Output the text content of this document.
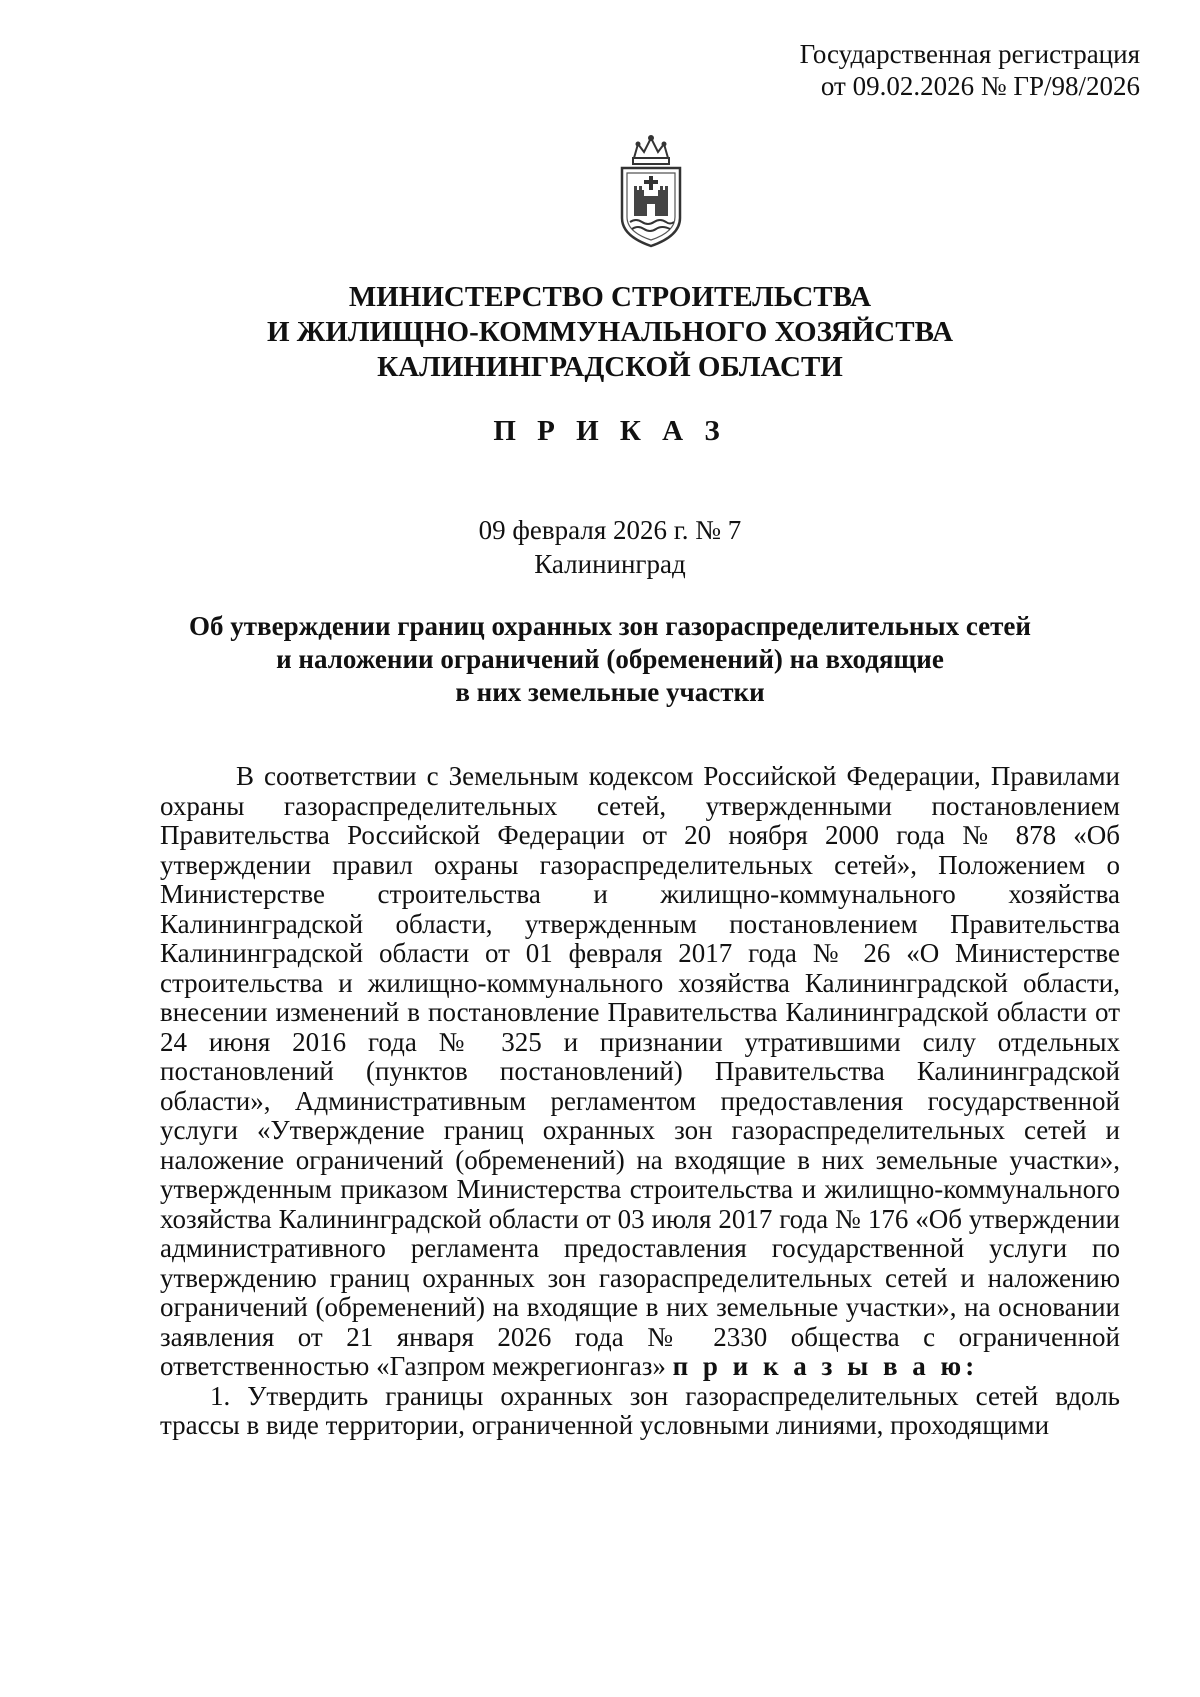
Государственная регистрация
от 09.02.2026 № ГР/98/2026
МИНИСТЕРСТВО СТРОИТЕЛЬСТВА
И ЖИЛИЩНО-КОММУНАЛЬНОГО ХОЗЯЙСТВА
КАЛИНИНГРАДСКОЙ ОБЛАСТИ
П Р И К А З
09 февраля 2026 г. № 7
Калининград
Об утверждении границ охранных зон газораспределительных сетей
и наложении ограничений (обременений) на входящие
в них земельные участки

В соответствии с Земельным кодексом Российской Федерации, Правилами охраны газораспределительных сетей, утвержденными постановлением Правительства Российской Федерации от 20 ноября 2000 года № 878 «Об утверждении правил охраны газораспределительных сетей», Положением о Министерстве строительства и жилищно-коммунального хозяйства Калининградской области, утвержденным постановлением Правительства Калининградской области от 01 февраля 2017 года № 26 «О Министерстве строительства и жилищно-коммунального хозяйства Калининградской области, внесении изменений в постановление Правительства Калининградской области от 24 июня 2016 года № 325 и признании утратившими силу отдельных постановлений (пунктов постановлений) Правительства Калининградской области», Административным регламентом предоставления государственной услуги «Утверждение границ охранных зон газораспределительных сетей и наложение ограничений (обременений) на входящие в них земельные участки», утвержденным приказом Министерства строительства и жилищно-коммунального хозяйства Калининградской области от 03 июля 2017 года № 176 «Об утверждении административного регламента предоставления государственной услуги по утверждению границ охранных зон газораспределительных сетей и наложению ограничений (обременений) на входящие в них земельные участки», на основании заявления от 21 января 2026 года № 2330 общества с ограниченной ответственностью «Газпром межрегионгаз» п р и к а з ы в а ю:

1. Утвердить границы охранных зон газораспределительных сетей вдоль трассы в виде территории, ограниченной условными линиями, проходящими
